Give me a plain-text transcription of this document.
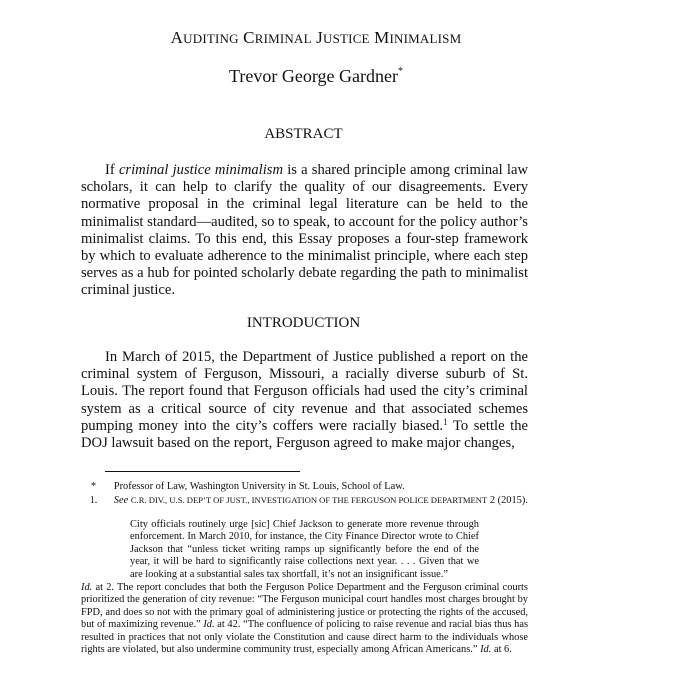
AUDITING CRIMINAL JUSTICE MINIMALISM
Trevor George Gardner*
ABSTRACT

If criminal justice minimalism is a shared principle among criminal law scholars, it can help to clarify the quality of our disagreements. Every normative proposal in the criminal legal literature can be held to the minimalist standard—audited, so to speak, to account for the policy author’s minimalist claims. To this end, this Essay proposes a four-step framework by which to evaluate adherence to the minimalist principle, where each step serves as a hub for pointed scholarly debate regarding the path to minimalist criminal justice.

INTRODUCTION

In March of 2015, the Department of Justice published a report on the criminal system of Ferguson, Missouri, a racially diverse suburb of St. Louis. The report found that Ferguson officials had used the city’s criminal system as a critical source of city revenue and that associated schemes pumping money into the city’s coffers were racially biased.$^1$ To settle the DOJ lawsuit based on the report, Ferguson agreed to make major changes,

* Professor of Law, Washington University in St. Louis, School of Law.

1. See C.R. DIV., U.S. DEP’T OF JUST., INVESTIGATION OF THE FERGUSON POLICE DEPARTMENT 2 (2015).

City officials routinely urge [sic] Chief Jackson to generate more revenue through enforcement. In March 2010, for instance, the City Finance Director wrote to Chief Jackson that “unless ticket writing ramps up significantly before the end of the year, it will be hard to significantly raise collections next year. . . . Given that we are looking at a substantial sales tax shortfall, it’s not an insignificant issue.”

Id. at 2. The report concludes that both the Ferguson Police Department and the Ferguson criminal courts prioritized the generation of city revenue: “The Ferguson municipal court handles most charges brought by FPD, and does so not with the primary goal of administering justice or protecting the rights of the accused, but of maximizing revenue.” Id. at 42. “The confluence of policing to raise revenue and racial bias thus has resulted in practices that not only violate the Constitution and cause direct harm to the individuals whose rights are violated, but also undermine community trust, especially among African Americans.” Id. at 6.
